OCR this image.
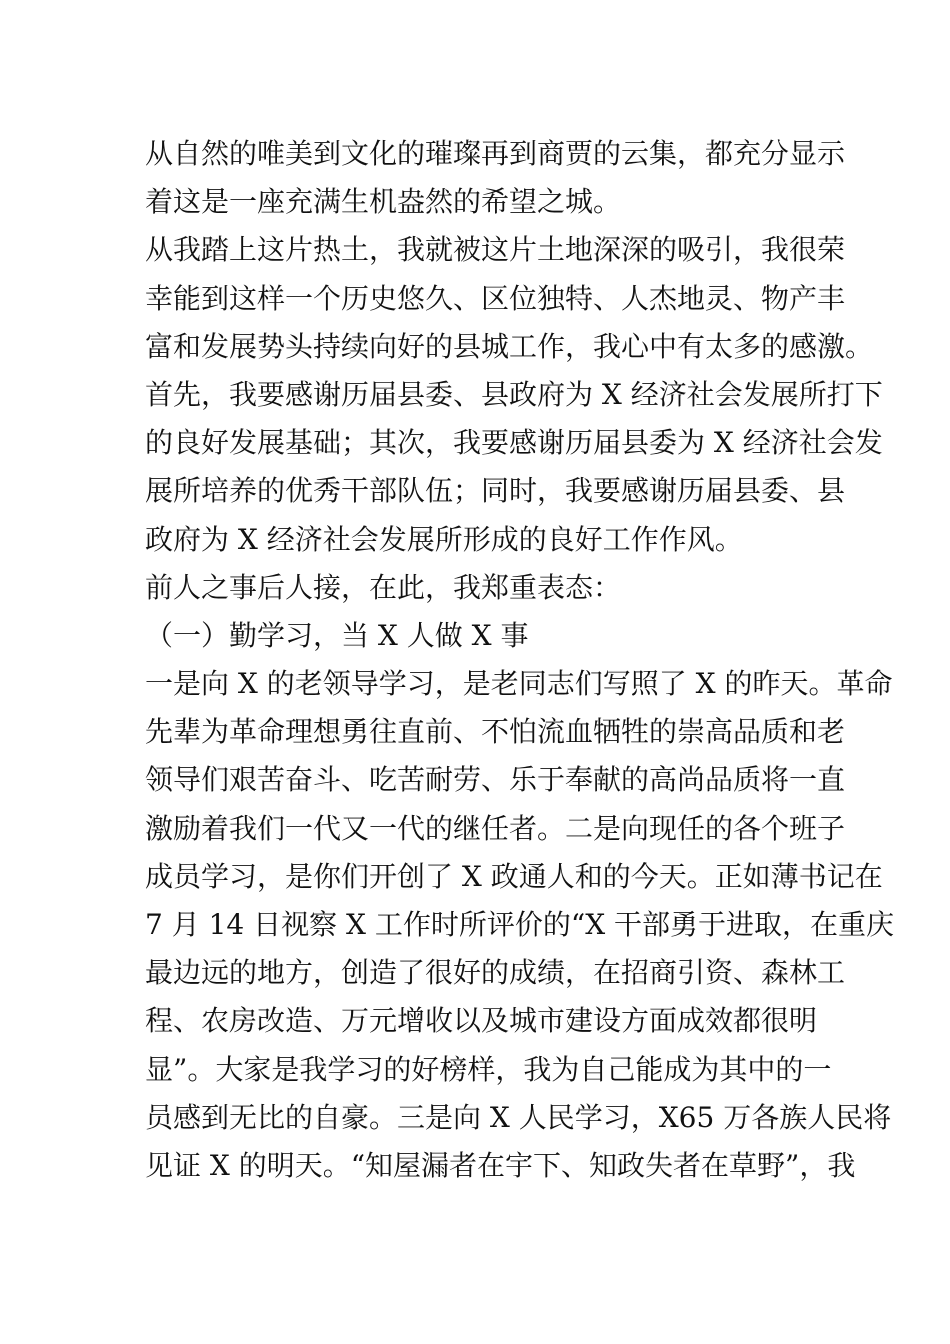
从自然的唯美到文化的璀璨再到商贾的云集，都充分显示
着这是一座充满生机盎然的希望之城。
从我踏上这片热土，我就被这片土地深深的吸引，我很荣
幸能到这样一个历史悠久、区位独特、人杰地灵、物产丰
富和发展势头持续向好的县城工作，我心中有太多的感激。
首先，我要感谢历届县委、县政府为 X 经济社会发展所打下
的良好发展基础；其次，我要感谢历届县委为 X 经济社会发
展所培养的优秀干部队伍；同时，我要感谢历届县委、县
政府为 X 经济社会发展所形成的良好工作作风。
前人之事后人接，在此，我郑重表态：
（一）勤学习，当 X 人做 X 事
一是向 X 的老领导学习，是老同志们写照了 X 的昨天。革命
先辈为革命理想勇往直前、不怕流血牺牲的崇高品质和老
领导们艰苦奋斗、吃苦耐劳、乐于奉献的高尚品质将一直
激励着我们一代又一代的继任者。二是向现任的各个班子
成员学习，是你们开创了 X 政通人和的今天。正如薄书记在
7 月 14 日视察 X 工作时所评价的“X 干部勇于进取，在重庆
最边远的地方，创造了很好的成绩，在招商引资、森林工
程、农房改造、万元增收以及城市建设方面成效都很明
显”。大家是我学习的好榜样，我为自己能成为其中的一
员感到无比的自豪。三是向 X 人民学习，X65 万各族人民将
见证 X 的明天。“知屋漏者在宇下、知政失者在草野”，我
